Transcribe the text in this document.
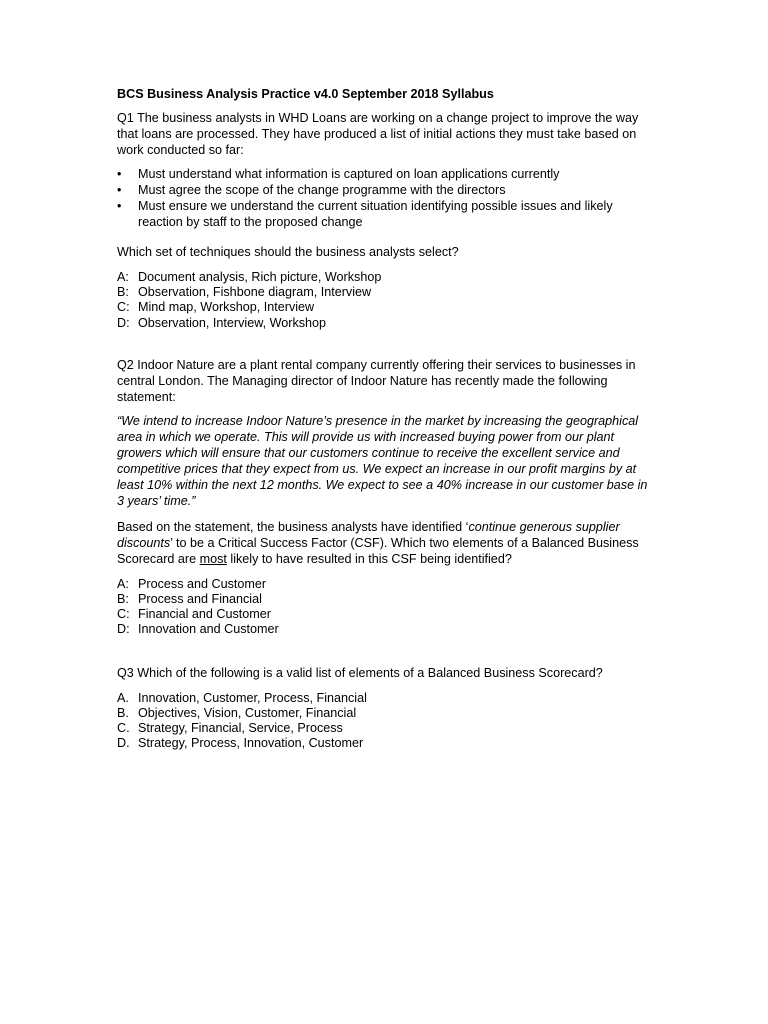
BCS Business Analysis Practice v4.0 September 2018 Syllabus

Q1 The business analysts in WHD Loans are working on a change project to improve the way that loans are processed. They have produced a list of initial actions they must take based on work conducted so far:

• Must understand what information is captured on loan applications currently
• Must agree the scope of the change programme with the directors
• Must ensure we understand the current situation identifying possible issues and likely reaction by staff to the proposed change

Which set of techniques should the business analysts select?

A: Document analysis, Rich picture, Workshop
B: Observation, Fishbone diagram, Interview
C: Mind map, Workshop, Interview
D: Observation, Interview, Workshop

Q2 Indoor Nature are a plant rental company currently offering their services to businesses in central London. The Managing director of Indoor Nature has recently made the following statement:

“We intend to increase Indoor Nature’s presence in the market by increasing the geographical area in which we operate. This will provide us with increased buying power from our plant growers which will ensure that our customers continue to receive the excellent service and competitive prices that they expect from us. We expect an increase in our profit margins by at least 10% within the next 12 months. We expect to see a 40% increase in our customer base in 3 years’ time.”

Based on the statement, the business analysts have identified ‘continue generous supplier discounts’ to be a Critical Success Factor (CSF). Which two elements of a Balanced Business Scorecard are most likely to have resulted in this CSF being identified?

A: Process and Customer
B: Process and Financial
C: Financial and Customer
D: Innovation and Customer

Q3 Which of the following is a valid list of elements of a Balanced Business Scorecard?

A. Innovation, Customer, Process, Financial
B. Objectives, Vision, Customer, Financial
C. Strategy, Financial, Service, Process
D. Strategy, Process, Innovation, Customer
